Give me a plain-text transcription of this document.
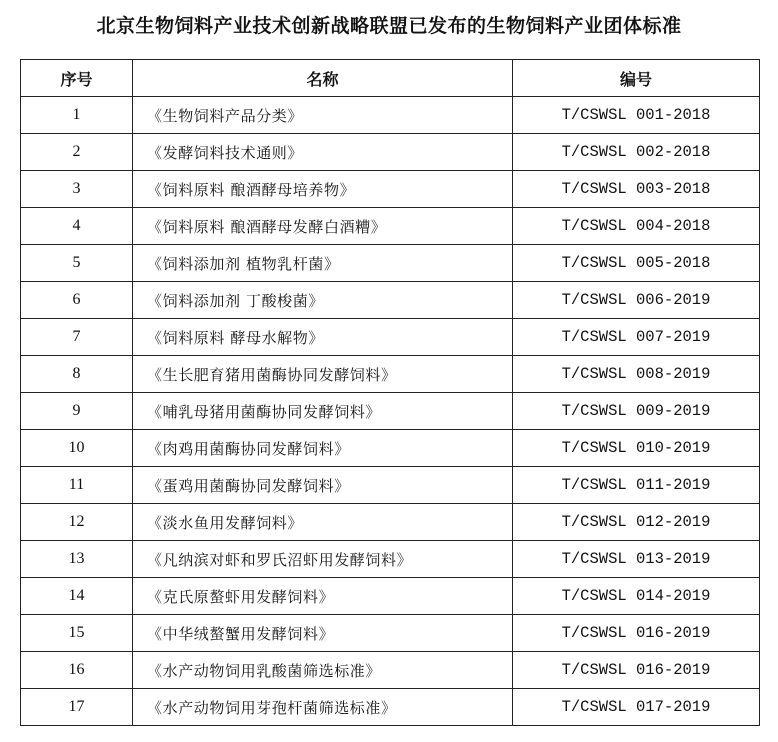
北京生物饲料产业技术创新战略联盟已发布的生物饲料产业团体标准
序号	名称	编号
1	《生物饲料产品分类》	T/CSWSL 001-2018
2	《发酵饲料技术通则》	T/CSWSL 002-2018
3	《饲料原料 酿酒酵母培养物》	T/CSWSL 003-2018
4	《饲料原料 酿酒酵母发酵白酒糟》	T/CSWSL 004-2018
5	《饲料添加剂 植物乳杆菌》	T/CSWSL 005-2018
6	《饲料添加剂 丁酸梭菌》	T/CSWSL 006-2019
7	《饲料原料 酵母水解物》	T/CSWSL 007-2019
8	《生长肥育猪用菌酶协同发酵饲料》	T/CSWSL 008-2019
9	《哺乳母猪用菌酶协同发酵饲料》	T/CSWSL 009-2019
10	《肉鸡用菌酶协同发酵饲料》	T/CSWSL 010-2019
11	《蛋鸡用菌酶协同发酵饲料》	T/CSWSL 011-2019
12	《淡水鱼用发酵饲料》	T/CSWSL 012-2019
13	《凡纳滨对虾和罗氏沼虾用发酵饲料》	T/CSWSL 013-2019
14	《克氏原螯虾用发酵饲料》	T/CSWSL 014-2019
15	《中华绒螯蟹用发酵饲料》	T/CSWSL 016-2019
16	《水产动物饲用乳酸菌筛选标准》	T/CSWSL 016-2019
17	《水产动物饲用芽孢杆菌筛选标准》	T/CSWSL 017-2019
